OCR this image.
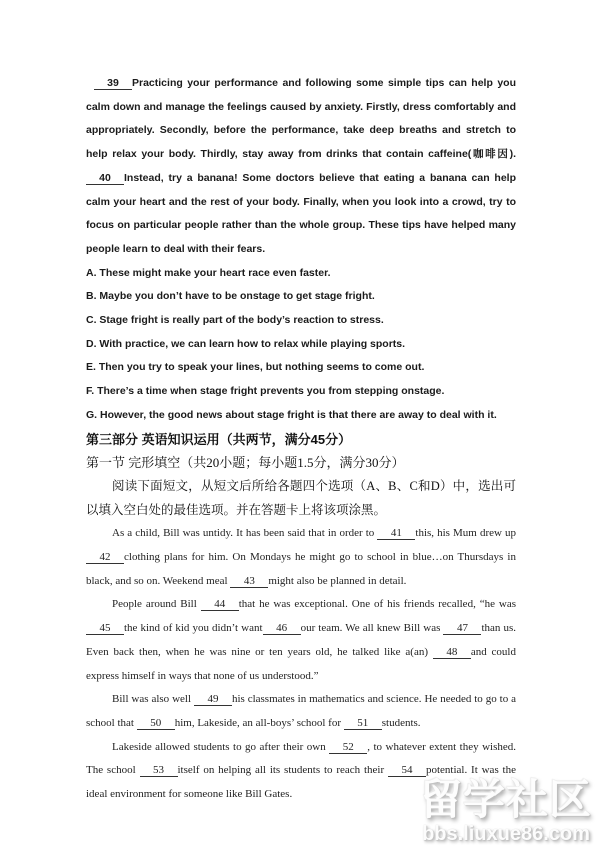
39 Practicing your performance and following some simple tips can help you calm down and manage the feelings caused by anxiety. Firstly, dress comfortably and appropriately. Secondly, before the performance, take deep breaths and stretch to help relax your body. Thirdly, stay away from drinks that contain caffeine(咖啡因). 40 Instead, try a banana! Some doctors believe that eating a banana can help calm your heart and the rest of your body. Finally, when you look into a crowd, try to focus on particular people rather than the whole group. These tips have helped many people learn to deal with their fears.

A. These might make your heart race even faster.
B. Maybe you don’t have to be onstage to get stage fright.
C. Stage fright is really part of the body’s reaction to stress.
D. With practice, we can learn how to relax while playing sports.
E. Then you try to speak your lines, but nothing seems to come out.
F. There’s a time when stage fright prevents you from stepping onstage.
G. However, the good news about stage fright is that there are away to deal with it.
第三部分 英语知识运用（共两节，满分45分）
第一节 完形填空（共20小题；每小题1.5分，满分30分）

阅读下面短文，从短文后所给各题四个选项（A、B、C和D）中，选出可以填入空白处的最佳选项。并在答题卡上将该项涂黑。

As a child, Bill was untidy. It has been said that in order to 41 this, his Mum drew up 42 clothing plans for him. On Mondays he might go to school in blue…on Thursdays in black, and so on. Weekend meal 43 might also be planned in detail.

People around Bill 44 that he was exceptional. One of his friends recalled, “he was 45 the kind of kid you didn’t want 46 our team. We all knew Bill was 47 than us. Even back then, when he was nine or ten years old, he talked like a(an) 48 and could express himself in ways that none of us understood.”

Bill was also well 49 his classmates in mathematics and science. He needed to go to a school that 50 him, Lakeside, an all-boys’ school for 51 students.

Lakeside allowed students to go after their own 52 , to whatever extent they wished. The school 53 itself on helping all its students to reach their 54 potential. It was the ideal environment for someone like Bill Gates.	留学社区
bbs.liuxue86.com
